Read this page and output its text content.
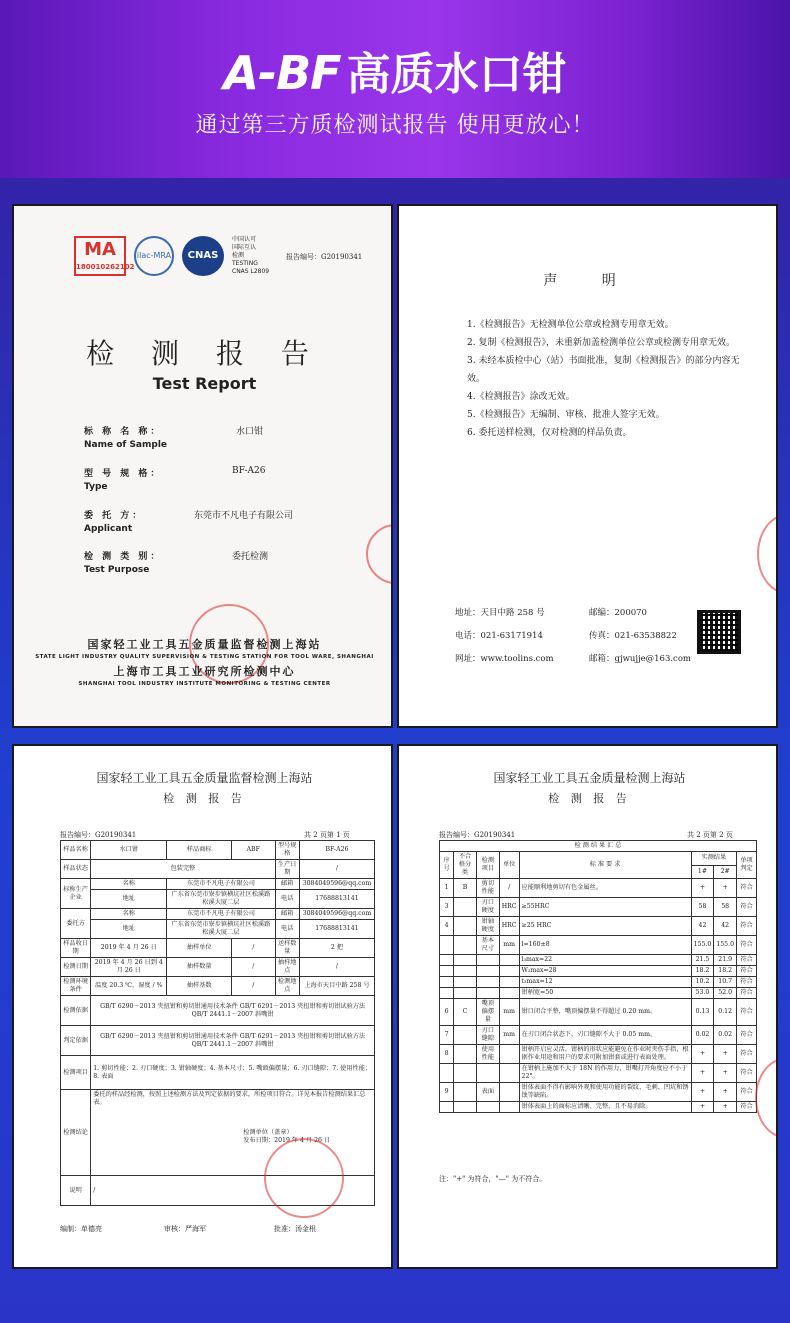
A-BF 高质水口钳
通过第三方质检测试报告 使用更放心！
MA
180010262102
ilac-MRA	CNAS
中国认可
国际互认
检测
TESTING
CNAS L2809
报告编号：G20190341
检 测 报 告
Test Report
标 称 名 称：
Name of Sample
水口钳
型 号 规 格：
Type
BF-A26
委 托 方：
Applicant
东莞市不凡电子有限公司
检 测 类 别：
Test Purpose
委托检测
国家轻工业工具五金质量监督检测上海站
STATE LIGHT INDUSTRY QUALITY SUPERVISION & TESTING STATION FOR TOOL WARE, SHANGHAI
上海市工具工业研究所检测中心
SHANGHAI TOOL INDUSTRY INSTITUTE MONITORING & TESTING CENTER
声 明

1.《检测报告》无检测单位公章或检测专用章无效。

2. 复制《检测报告》，未重新加盖检测单位公章或检测专用章无效。

3. 未经本质检中心（站）书面批准，复制《检测报告》的部分内容无效。

4.《检测报告》涂改无效。

5.《检测报告》无编制、审核、批准人签字无效。

6. 委托送样检测，仅对检测的样品负责。

地址：天目中路 258 号	邮编：200070
电话：021-63171914	传真：021-63538822
网址：www.toolins.com	邮箱：gjwujje@163.com
国家轻工业工具五金质量监督检测上海站
检 测 报 告
报告编号：G20190341	共 2 页第 1 页
样品名称	水口钳	样品商标	ABF	型号规格	BF-A26
样品状态	包装完整			生产日期	/
标称生产企业	名称	东莞市不凡电子有限公司		邮箱	3084049596@qq.com
	地址	广东省东莞市寮步镇横坑社区松溪路松溪大厦二层		电话	17688813141
委托方	名称	东莞市不凡电子有限公司		邮箱	3084049596@qq.com
	地址	广东省东莞市寮步镇横坑社区松溪路松溪大厦二层		电话	17688813141
样品收日期	2019 年 4 月 26 日	抽样单位	/	送样数量	2 把
检测日期	2019 年 4 月 26 日到 4 月 26 日	抽样数量	/	抽样地点	/
检测环境条件	温度 20.3 ℃，湿度 / %	抽样基数	/	检测地点	上海市天目中路 258 号
检测依据	GB/T 6290－2013 夹扭钳和剪切钳通用技术条件 GB/T 6291－2013 夹扭钳和剪切钳试验方法 QB/T 2441.1－2007 斜嘴钳				
判定依据	GB/T 6290－2013 夹扭钳和剪切钳通用技术条件 GB/T 6291－2013 夹扭钳和剪切钳试验方法 QB/T 2441.1－2007 斜嘴钳				
检测项目	1. 剪切性能；2. 刃口硬度；3. 钳轴硬度；4. 基本尺寸；5. 嘴頭偏摆量；6. 刃口缝隙；7. 使用性能；8. 表面				
检测结论	委托的样品经检测，按照上述检测方法及判定依据的要求，所检项目符合。详见本报告检测结果汇总表。
检测单位（盖章）
发布日期：2019 年 4 月 26 日				

说明	/				
编制：单德亮	审核：严海军	批准：汤金根
国家轻工业工具五金质量检测上海站
检 测 报 告
报告编号：G20190341	共 2 页第 2 页
检 测 结 果 汇 总							
序号	不合格分类	检测项目	单位	标 准 要 求	实测结果		单项判定
					1#	2#	
1	B	剪切性能	/	应能顺利地剪切有色金属丝。	+	+	符合
3		刃口硬度	HRC	≥55HRC	58	58	符合
4		钳轴硬度	HRC	≥25 HRC	42	42	符合
		基本尺寸	mm	l=160±8	155.0	155.0	符合
				l₃max=22	21.5	21.9	符合
				W₃max=28	18.2	18.2	符合
				t₃max=12	10.2	10.7	符合
				钳柄宽=50	53.0	52.0	符合
6	C	嘴顶偏摆量	mm	钳口闭合平整，嘴顶偏摆量不得超过 0.20 mm。	0.13	0.12	符合
7		刃口缝隙	mm	在刃口闭合状态下，刃口缝隙不大于 0.05 mm。	0.02	0.02	符合
8		使用性能		钳柄开启应灵活，钳柄的形状应能避免在作业时夹伤手指，根据作业用途和用户的要求可附加钳套或进行表面处理。	+	+	符合
				在钳柄上施加不大于 18N 的作用力，钳嘴打开角度应不小于 22°。	+	+	符合
9		表面		钳体表面不得有影响外观和使用功能的裂纹、毛刺、凹坑和锈蚀等缺陷。	+	+	符合
				钳体表面上的商标应清晰、完整，且不易消除。	+	+	符合
注："+" 为符合，"—" 为不符合。
